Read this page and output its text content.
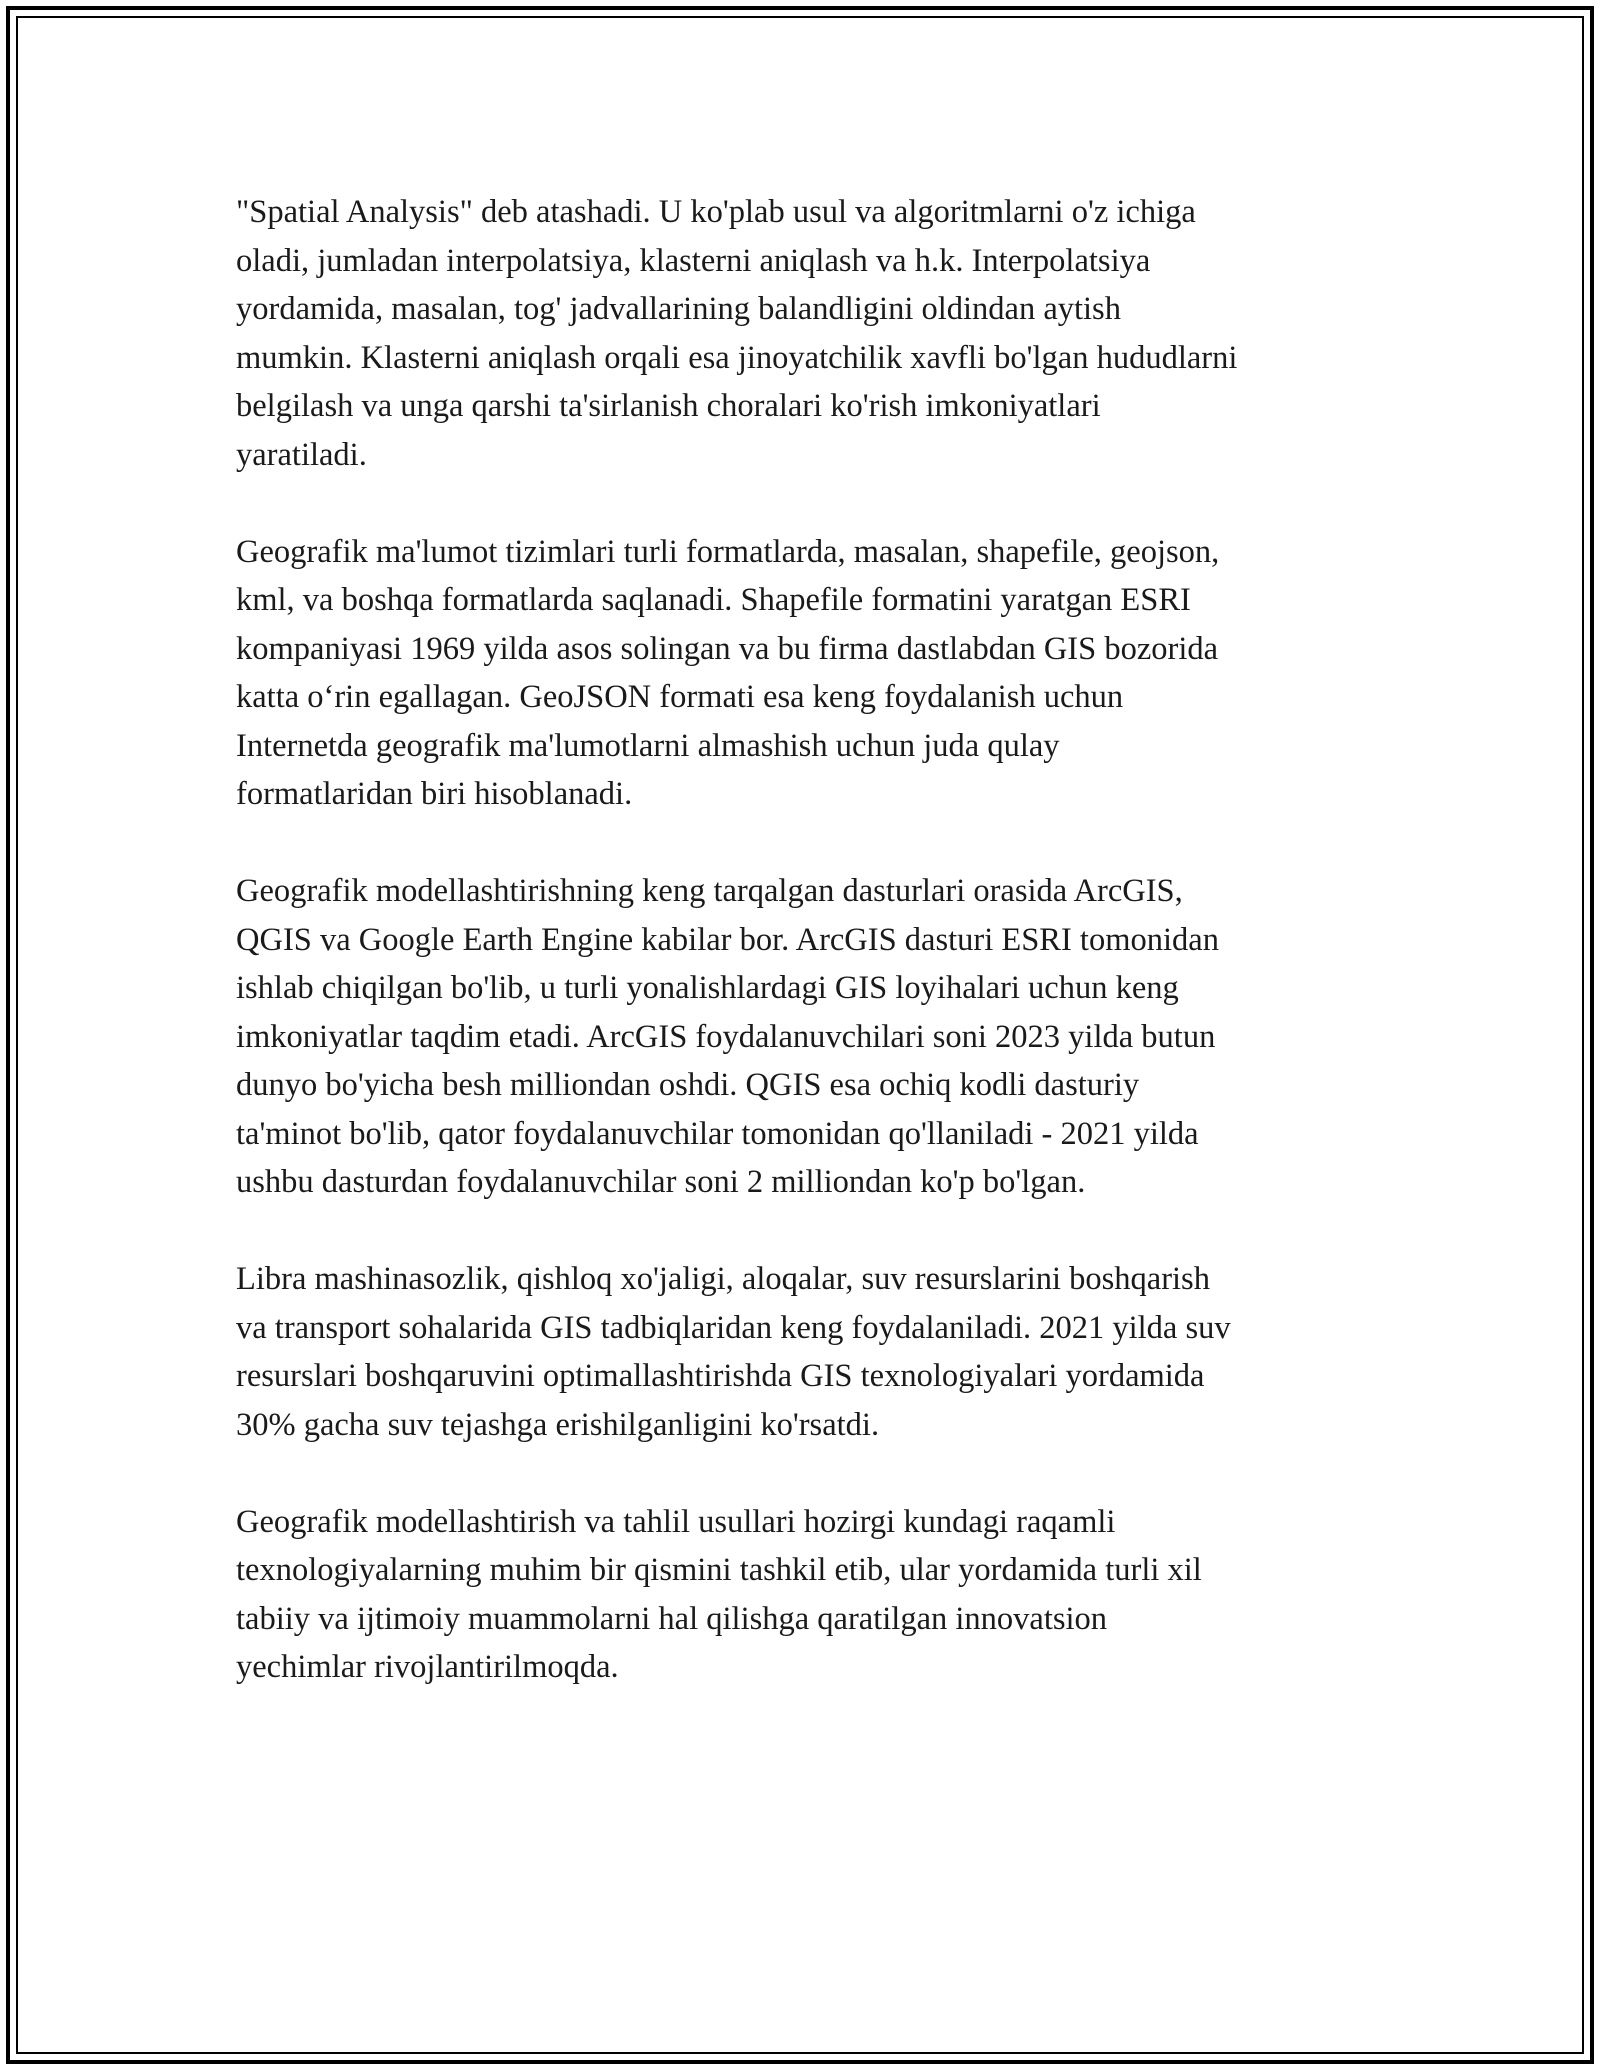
"Spatial Analysis" deb atashadi. U ko'plab usul va algoritmlarni o'z ichiga
oladi, jumladan interpolatsiya, klasterni aniqlash va h.k. Interpolatsiya
yordamida, masalan, tog' jadvallarining balandligini oldindan aytish
mumkin. Klasterni aniqlash orqali esa jinoyatchilik xavfli bo'lgan hududlarni
belgilash va unga qarshi ta'sirlanish choralari ko'rish imkoniyatlari
yaratiladi.

Geografik ma'lumot tizimlari turli formatlarda, masalan, shapefile, geojson,
kml, va boshqa formatlarda saqlanadi. Shapefile formatini yaratgan ESRI
kompaniyasi 1969 yilda asos solingan va bu firma dastlabdan GIS bozorida
katta o‘rin egallagan. GeoJSON formati esa keng foydalanish uchun
Internetda geografik ma'lumotlarni almashish uchun juda qulay
formatlaridan biri hisoblanadi.

Geografik modellashtirishning keng tarqalgan dasturlari orasida ArcGIS,
QGIS va Google Earth Engine kabilar bor. ArcGIS dasturi ESRI tomonidan
ishlab chiqilgan bo'lib, u turli yonalishlardagi GIS loyihalari uchun keng
imkoniyatlar taqdim etadi. ArcGIS foydalanuvchilari soni 2023 yilda butun
dunyo bo'yicha besh milliondan oshdi. QGIS esa ochiq kodli dasturiy
ta'minot bo'lib, qator foydalanuvchilar tomonidan qo'llaniladi - 2021 yilda
ushbu dasturdan foydalanuvchilar soni 2 milliondan ko'p bo'lgan.

Libra mashinasozlik, qishloq xo'jaligi, aloqalar, suv resurslarini boshqarish
va transport sohalarida GIS tadbiqlaridan keng foydalaniladi. 2021 yilda suv
resurslari boshqaruvini optimallashtirishda GIS texnologiyalari yordamida
30% gacha suv tejashga erishilganligini ko'rsatdi.

Geografik modellashtirish va tahlil usullari hozirgi kundagi raqamli
texnologiyalarning muhim bir qismini tashkil etib, ular yordamida turli xil
tabiiy va ijtimoiy muammolarni hal qilishga qaratilgan innovatsion
yechimlar rivojlantirilmoqda.
